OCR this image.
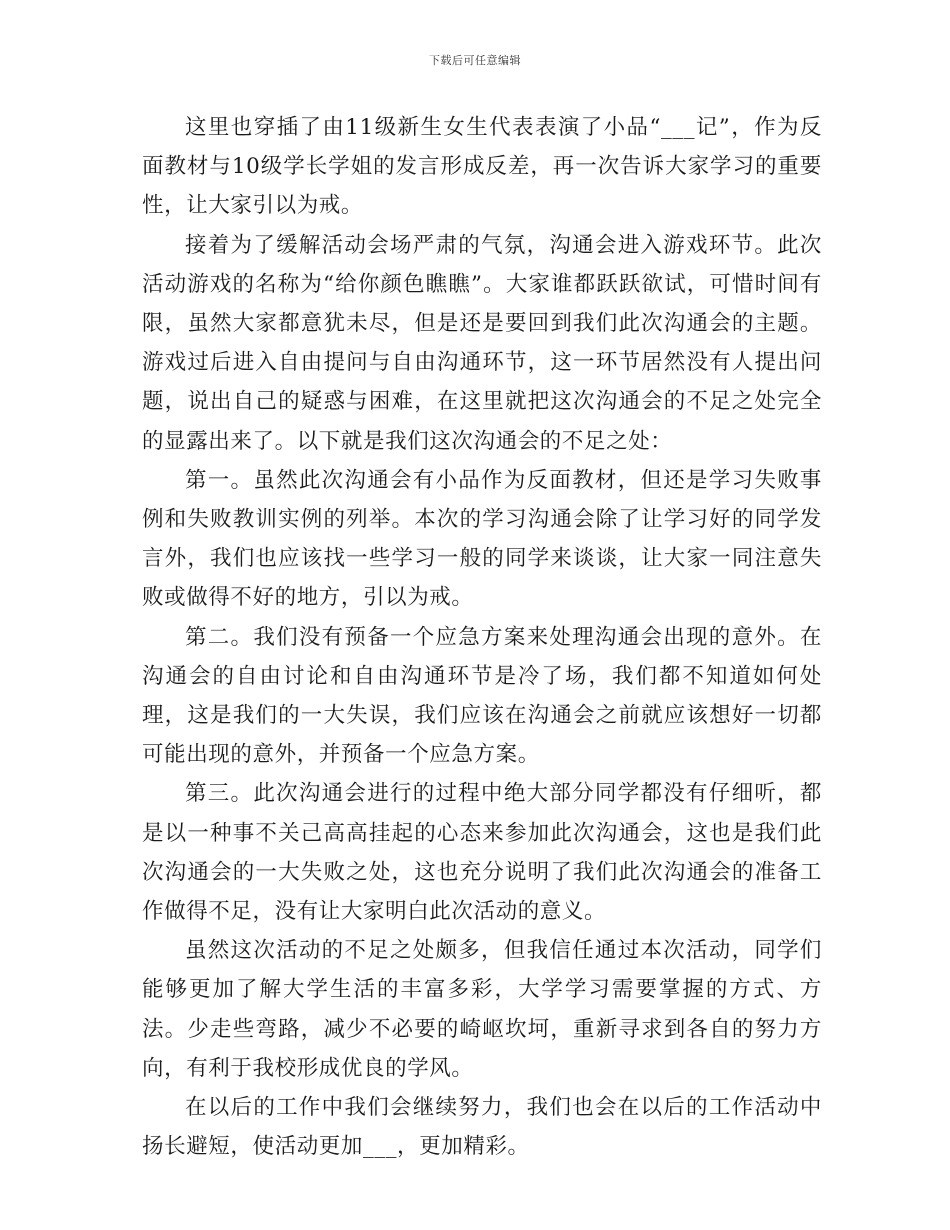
下载后可任意编辑

这里也穿插了由11级新生女生代表表演了小品“___记”，作为反面教材与10级学长学姐的发言形成反差，再一次告诉大家学习的重要性，让大家引以为戒。

接着为了缓解活动会场严肃的气氛，沟通会进入游戏环节。此次活动游戏的名称为“给你颜色瞧瞧”。大家谁都跃跃欲试，可惜时间有限，虽然大家都意犹未尽，但是还是要回到我们此次沟通会的主题。游戏过后进入自由提问与自由沟通环节，这一环节居然没有人提出问题，说出自己的疑惑与困难，在这里就把这次沟通会的不足之处完全的显露出来了。以下就是我们这次沟通会的不足之处：

第一。虽然此次沟通会有小品作为反面教材，但还是学习失败事例和失败教训实例的列举。本次的学习沟通会除了让学习好的同学发言外，我们也应该找一些学习一般的同学来谈谈，让大家一同注意失败或做得不好的地方，引以为戒。

第二。我们没有预备一个应急方案来处理沟通会出现的意外。在沟通会的自由讨论和自由沟通环节是冷了场，我们都不知道如何处理，这是我们的一大失误，我们应该在沟通会之前就应该想好一切都可能出现的意外，并预备一个应急方案。

第三。此次沟通会进行的过程中绝大部分同学都没有仔细听，都是以一种事不关己高高挂起的心态来参加此次沟通会，这也是我们此次沟通会的一大失败之处，这也充分说明了我们此次沟通会的准备工作做得不足，没有让大家明白此次活动的意义。

虽然这次活动的不足之处颇多，但我信任通过本次活动，同学们能够更加了解大学生活的丰富多彩，大学学习需要掌握的方式、方法。少走些弯路，减少不必要的崎岖坎坷，重新寻求到各自的努力方向，有利于我校形成优良的学风。

在以后的工作中我们会继续努力，我们也会在以后的工作活动中扬长避短，使活动更加___，更加精彩。
